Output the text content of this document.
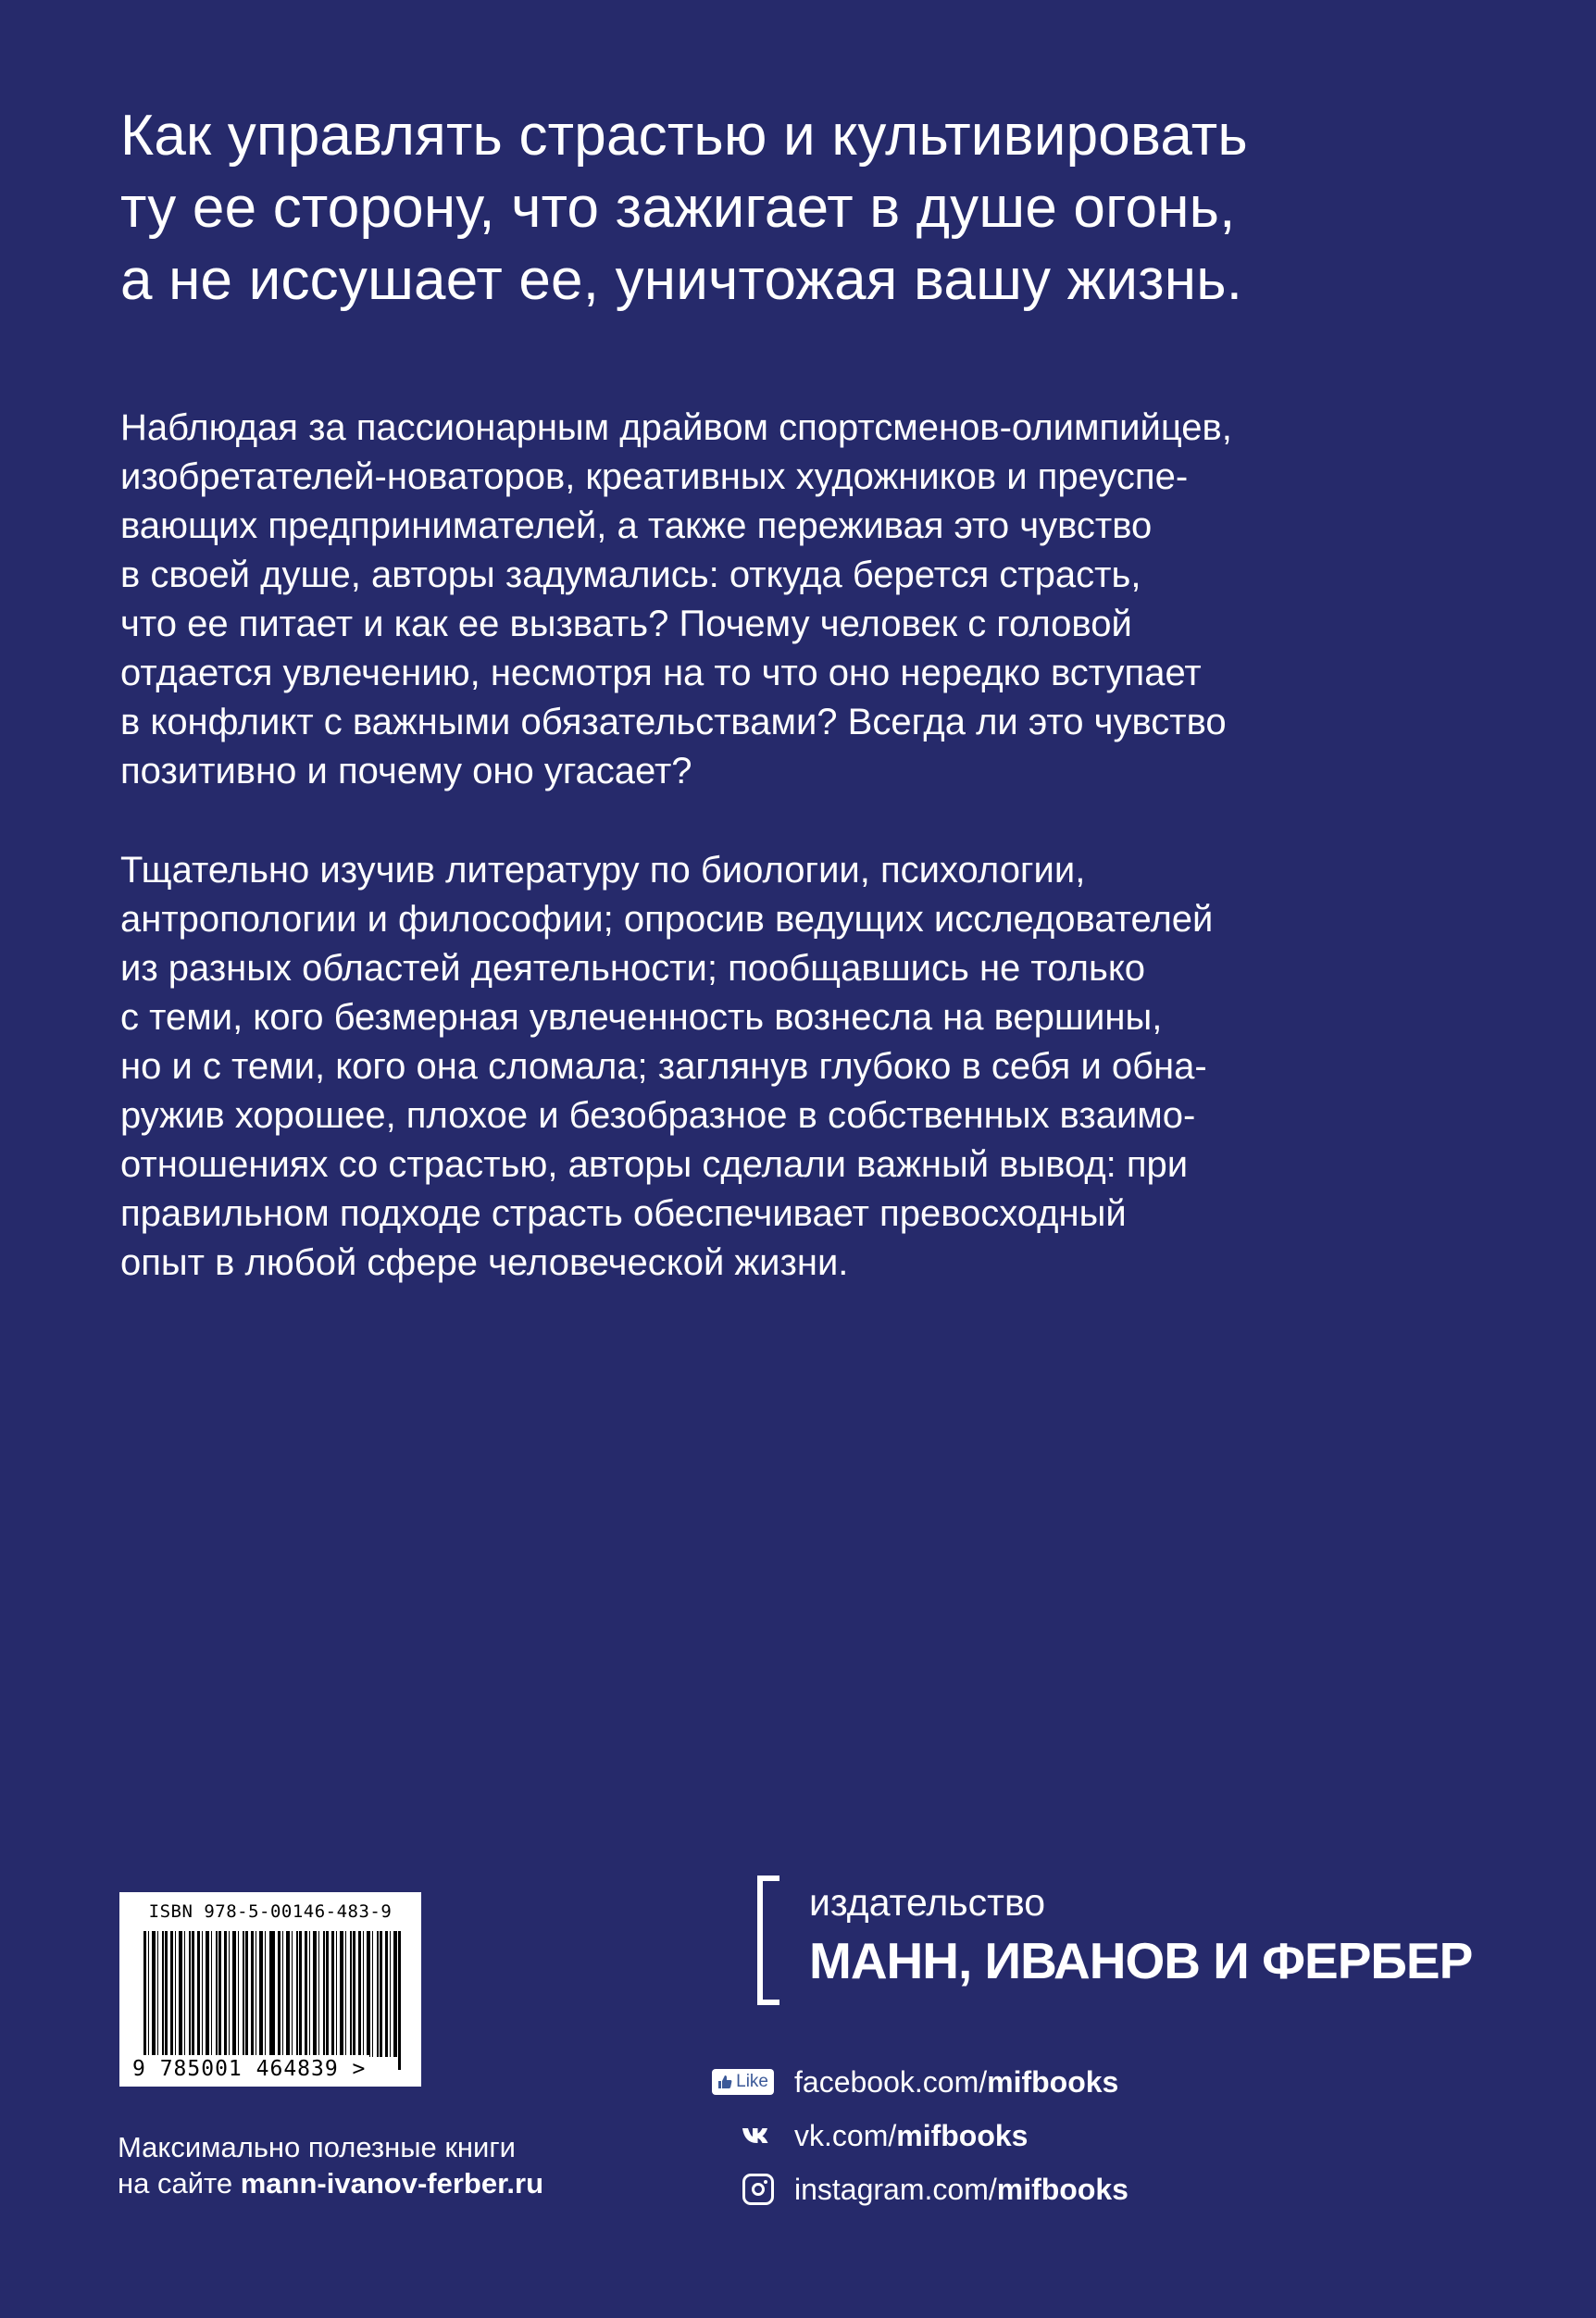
Как управлять страстью и культивировать
ту ее сторону, что зажигает в душе огонь,
а не иссушает ее, уничтожая вашу жизнь.

Наблюдая за пассионарным драйвом спортсменов-олимпийцев,
изобретателей-новаторов, креативных художников и преуспе-
вающих предпринимателей, а также переживая это чувство
в своей душе, авторы задумались: откуда берется страсть,
что ее питает и как ее вызвать? Почему человек с головой
отдается увлечению, несмотря на то что оно нередко вступает
в конфликт с важными обязательствами? Всегда ли это чувство
позитивно и почему оно угасает?

Тщательно изучив литературу по биологии, психологии,
антропологии и философии; опросив ведущих исследователей
из разных областей деятельности; пообщавшись не только
с теми, кого безмерная увлеченность вознесла на вершины,
но и с теми, кого она сломала; заглянув глубоко в себя и обна-
ружив хорошее, плохое и безобразное в собственных взаимо-
отношениях со страстью, авторы сделали важный вывод: при
правильном подходе страсть обеспечивает превосходный
опыт в любой сфере человеческой жизни.

ISBN 978-5-00146-483-9
9 785001 464839 >

Максимально полезные книги
на сайте mann-ivanov-ferber.ru

издательство
МАНН, ИВАНОВ И ФЕРБЕР
Like facebook.com/mifbooks
vk.com/mifbooks
instagram.com/mifbooks
